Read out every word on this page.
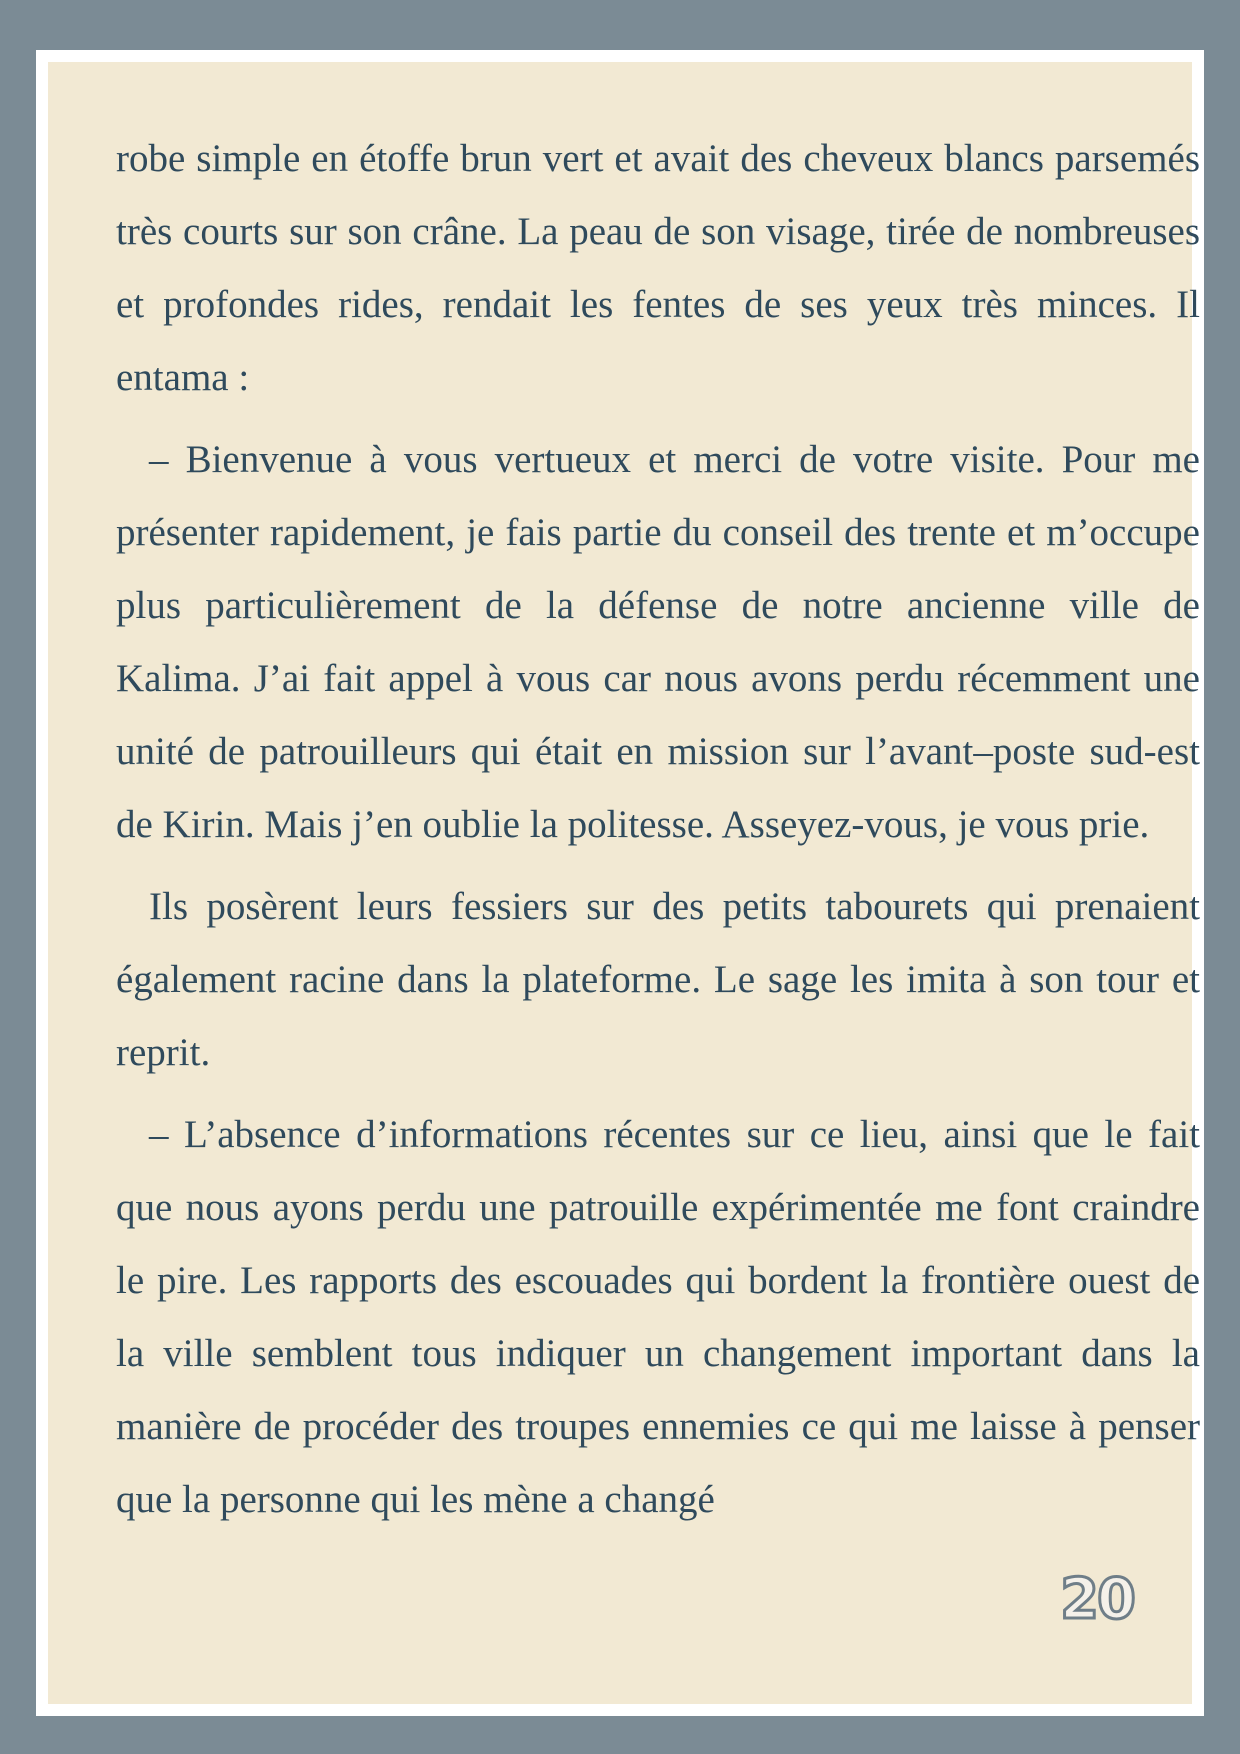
robe simple en étoffe brun vert et avait des cheveux blancs parsemés très courts sur son crâne. La peau de son visage, tirée de nombreuses et profondes rides, rendait les fentes de ses yeux très minces. Il entama :

– Bienvenue à vous vertueux et merci de votre visite. Pour me présenter rapidement, je fais partie du conseil des trente et m’occupe plus particulièrement de la défense de notre ancienne ville de Kalima. J’ai fait appel à vous car nous avons perdu récemment une unité de patrouilleurs qui était en mission sur l’avant–poste sud-est de Kirin. Mais j’en oublie la politesse. Asseyez-vous, je vous prie.

Ils posèrent leurs fessiers sur des petits tabourets qui prenaient également racine dans la plateforme. Le sage les imita à son tour et reprit.

– L’absence d’informations récentes sur ce lieu, ainsi que le fait que nous ayons perdu une patrouille expérimentée me font craindre le pire. Les rapports des escouades qui bordent la frontière ouest de la ville semblent tous indiquer un changement important dans la manière de procéder des troupes ennemies ce qui me laisse à penser que la personne qui les mène a changé

20
